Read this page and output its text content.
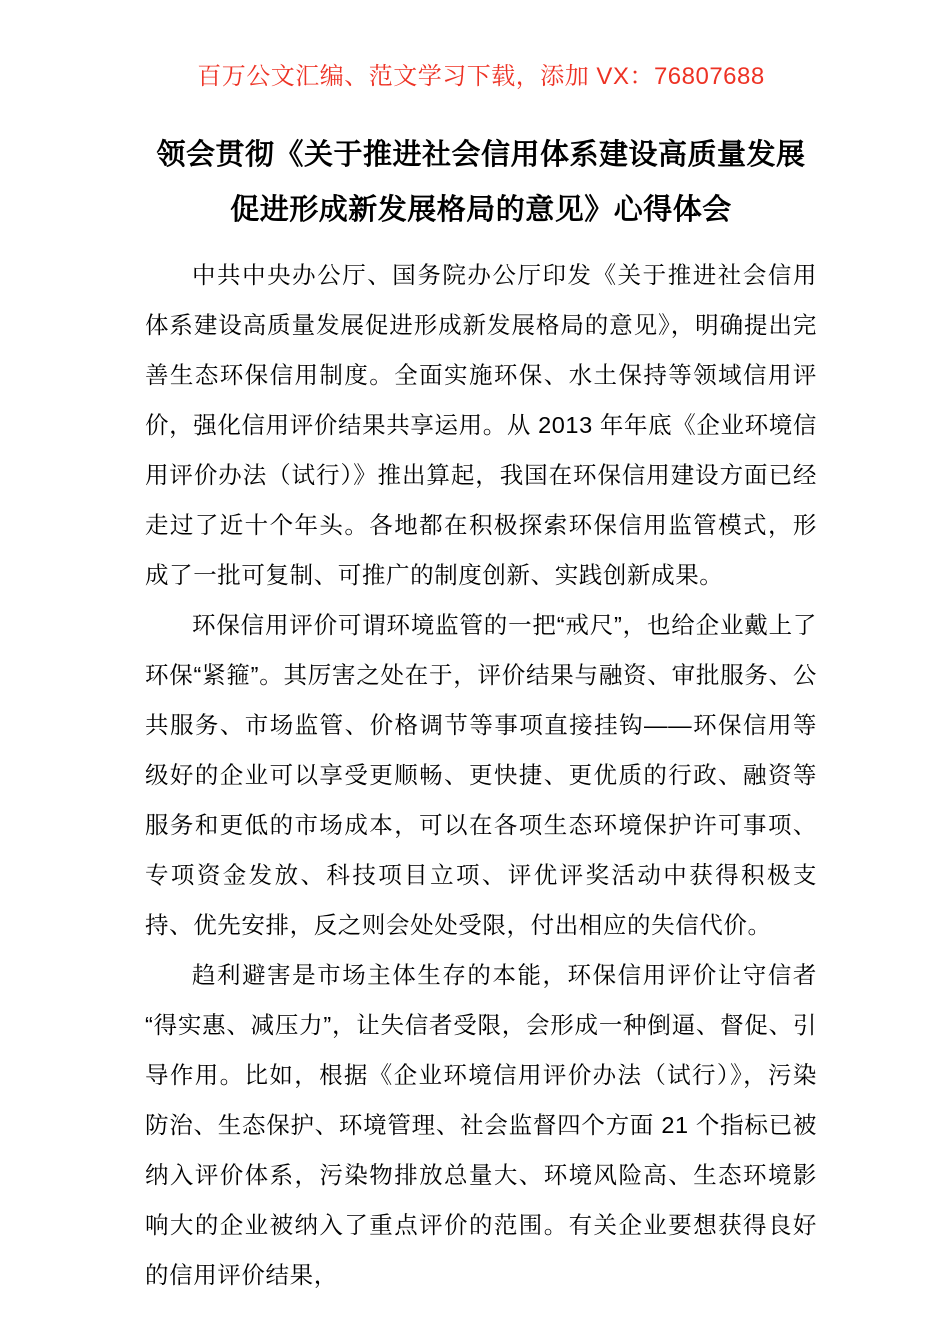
百万公文汇编、范文学习下载，添加 VX：76807688
领会贯彻《关于推进社会信用体系建设高质量发展促进形成新发展格局的意见》心得体会

中共中央办公厅、国务院办公厅印发《关于推进社会信用体系建设高质量发展促进形成新发展格局的意见》，明确提出完善生态环保信用制度。全面实施环保、水土保持等领域信用评价，强化信用评价结果共享运用。从 2013 年年底《企业环境信用评价办法（试行）》推出算起，我国在环保信用建设方面已经走过了近十个年头。各地都在积极探索环保信用监管模式，形成了一批可复制、可推广的制度创新、实践创新成果。

环保信用评价可谓环境监管的一把“戒尺”，也给企业戴上了环保“紧箍”。其厉害之处在于，评价结果与融资、审批服务、公共服务、市场监管、价格调节等事项直接挂钩——环保信用等级好的企业可以享受更顺畅、更快捷、更优质的行政、融资等服务和更低的市场成本，可以在各项生态环境保护许可事项、专项资金发放、科技项目立项、评优评奖活动中获得积极支持、优先安排，反之则会处处受限，付出相应的失信代价。

趋利避害是市场主体生存的本能，环保信用评价让守信者“得实惠、减压力”，让失信者受限，会形成一种倒逼、督促、引导作用。比如，根据《企业环境信用评价办法（试行）》，污染防治、生态保护、环境管理、社会监督四个方面 21 个指标已被纳入评价体系，污染物排放总量大、环境风险高、生态环境影响大的企业被纳入了重点评价的范围。有关企业要想获得良好的信用评价结果，
